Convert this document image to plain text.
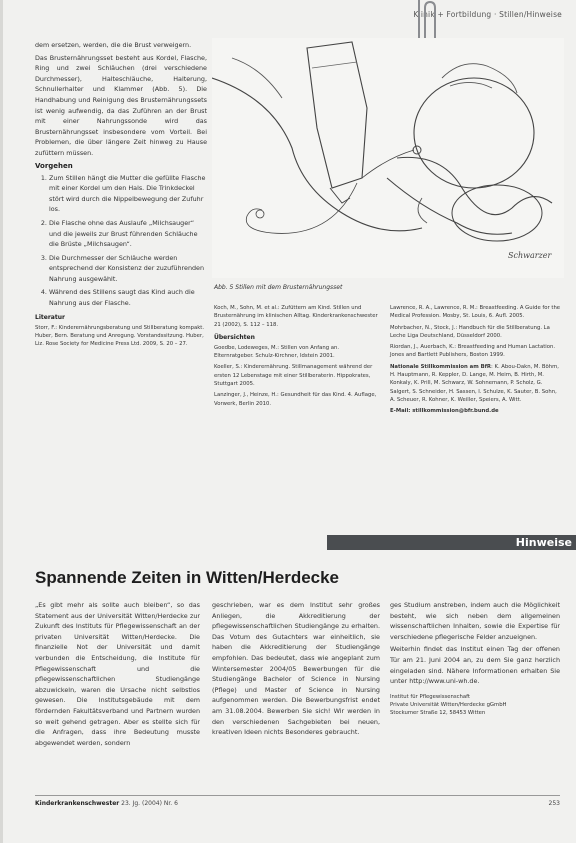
Klinik + Fortbildung · Stillen/Hinweise

dem ersetzen, werden, die die Brust verweigern.

Das Brusternährungsset besteht aus Kordel, Flasche, Ring und zwei Schläuchen (drei verschiedene Durchmesser), Halteschläuche, Halterung, Schnullerhalter und Klammer (Abb. 5). Die Handhabung und Reinigung des Brusternährungssets ist wenig aufwendig, da das Zuführen an der Brust mit einer Nahrungssonde wird das Brusternährungsset insbesondere vom Vorteil. Bei Problemen, die über längere Zeit hinweg zu Hause zufüttern müssen.

Vorgehen
1. Zum Stillen hängt die Mutter die gefüllte Flasche mit einer Kordel um den Hals. Die Trinkdeckel stört wird durch die Nippelbewegung der Zufuhr los.
2. Die Flasche ohne das Auslaufe „Milchsauger“ und die jeweils zur Brust führenden Schläuche die Brüste „Milchsaugen“.
3. Die Durchmesser der Schläuche werden entsprechend der Konsistenz der zuzuführenden Nahrung ausgewählt.
4. Während des Stillens saugt das Kind auch die Nahrung aus der Flasche.
Literatur
Storr, F.: Kinderernährungsberatung und Stillberatung kompakt. Huber, Bern. Beratung und Anregung. Vorstandssitzung. Huber, Liz. Rose Society for Medicine Press Ltd. 2009, S. 20 – 27.
Schwarzer
Abb. 5 Stillen mit dem Brusternährungsset

Koch, M., Sohn, M. et al.: Zufüttern am Kind. Stillen und Brusternährung im klinischen Alltag. Kinderkrankenschwester 21 (2002), S. 112 – 118.

Übersichten

Goedbe, Lodeweges, M.: Stillen von Anfang an. Elternratgeber. Schulz-Kirchner, Idstein 2001.

Koeller, S.: Kinderernährung. Stillmanagement während der ersten 12 Lebenstage mit einer Stillberaterin. Hippokrates, Stuttgart 2005.

Lanzinger, J., Heinze, H.: Gesundheit für das Kind. 4. Auflage, Vorwerk, Berlin 2010.

Lawrence, R. A., Lawrence, R. M.: Breastfeeding. A Guide for the Medical Profession. Mosby, St. Louis, 6. Aufl. 2005.

Mohrbacher, N., Stock, J.: Handbuch für die Stillberatung. La Leche Liga Deutschland, Düsseldorf 2000.

Riordan, J., Auerbach, K.: Breastfeeding and Human Lactation. Jones and Bartlett Publishers, Boston 1999.

Nationale Stillkommission am BfR: K. Abou-Dakn, M. Böhm, H. Hauptmann, R. Keppler, D. Lange, M. Heim, B. Hirth, M. Konkaly, K. Prill, M. Schwarz, W. Sohnemann, P. Scholz, G. Salgert, S. Schneider, H. Sassen, I. Schulze, K. Sauter, B. Sohn, A. Scheuer, R. Kohner, K. Weiller, Speiers, A. Witt.

E-Mail: stillkommission@bfr.bund.de

Hinweise
Spannende Zeiten in Witten/Herdecke
„Es gibt mehr als sollte auch bleiben“, so das Statement aus der Universität Witten/Herdecke zur Zukunft des Instituts für Pflegewissenschaft an der privaten Universität Witten/Herdecke. Die finanzielle Not der Universität und damit verbunden die Entscheidung, die Institute für Pflegewissenschaft und die pflegewissenschaftlichen Studiengänge abzuwickeln, waren die Ursache nicht selbstlos gewesen. Die Institutsgebäude mit dem fördernden Fakultätsverband und Partnern wurden so weit gehend getragen. Aber es stellte sich für die Anfragen, dass ihre Bedeutung musste abgewendet werden, sondern
geschrieben, war es dem Institut sehr großes Anliegen, die Akkreditierung der pflegewissenschaftlichen Studiengänge zu erhalten. Das Votum des Gutachters war einheitlich, sie haben die Akkreditierung der Studiengänge empfohlen. Das bedeutet, dass wie angeplant zum Wintersemester 2004/05 Bewerbungen für die Studiengänge Bachelor of Science in Nursing (Pflege) und Master of Science in Nursing aufgenommen werden. Die Bewerbungsfrist endet am 31.08.2004. Bewerben Sie sich! Wir werden in den verschiedenen Sachgebieten bei neuen, kreativen Ideen nichts Besonderes gebraucht.

ges Studium anstreben, indem auch die Möglichkeit besteht, wie sich neben dem allgemeinen wissenschaftlichen Inhalten, sowie die Expertise für verschiedene pflegerische Felder anzueignen.

Weiterhin findet das Institut einen Tag der offenen Tür am 21. Juni 2004 an, zu dem Sie ganz herzlich eingeladen sind. Nähere Informationen erhalten Sie unter http://www.uni-wh.de.

Institut für Pflegewissenschaft
Private Universität Witten/Herdecke gGmbH
Stockumer Straße 12, 58453 Witten
Kinderkrankenschwester 23. Jg. (2004) Nr. 6	253
